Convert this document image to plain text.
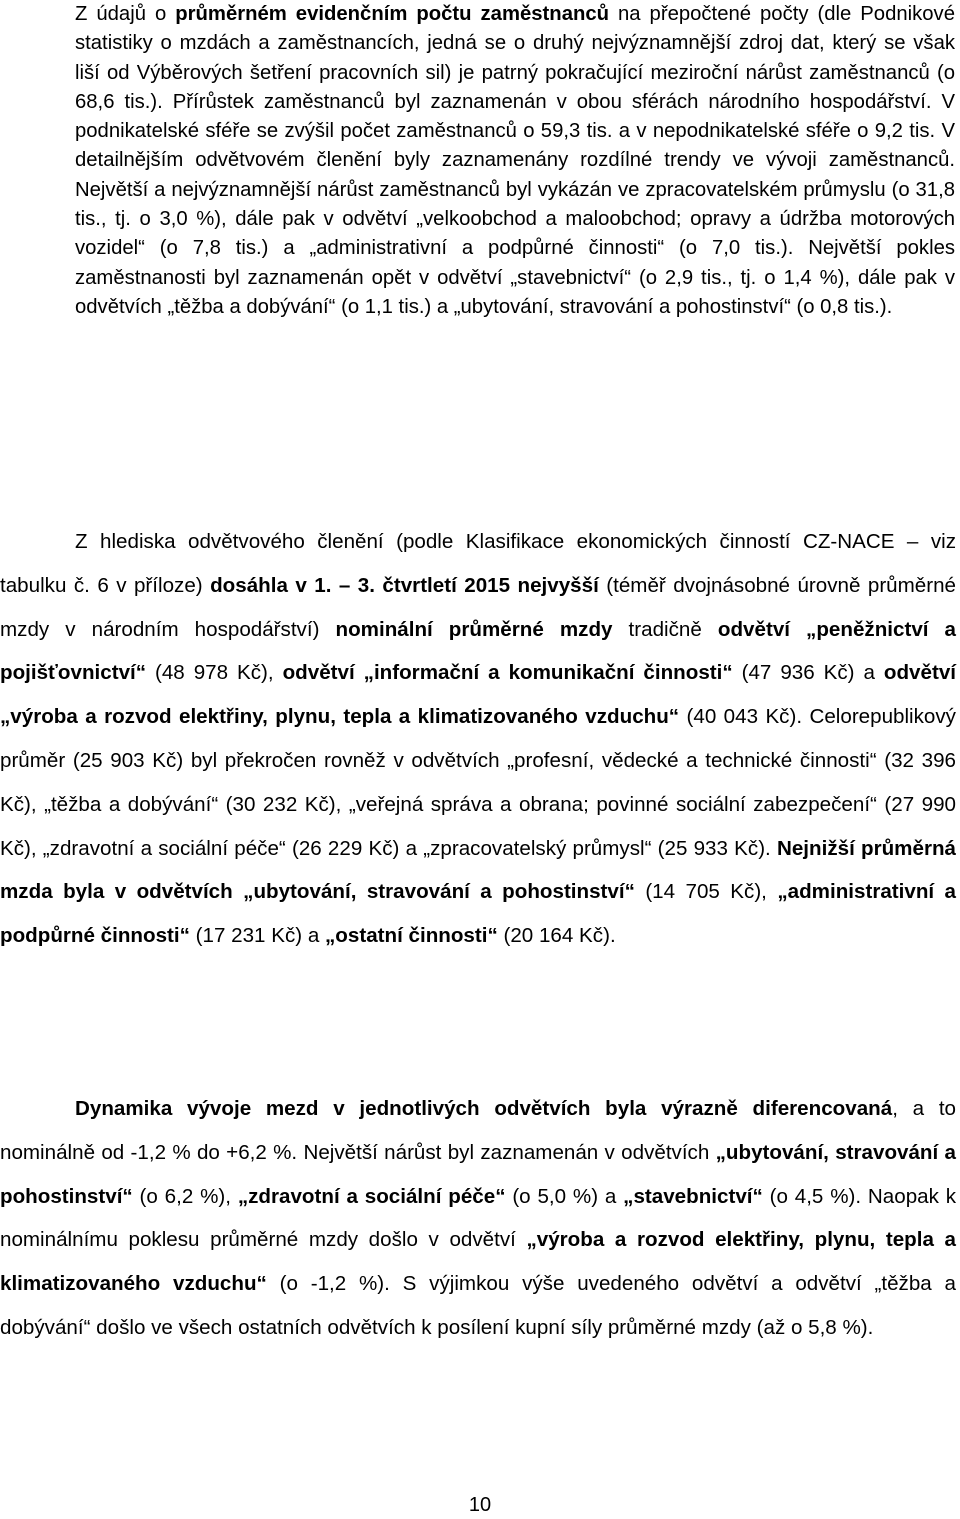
Z údajů o průměrném evidenčním počtu zaměstnanců na přepočtené počty (dle Podnikové statistiky o mzdách a zaměstnancích, jedná se o druhý nejvýznamnější zdroj dat, který se však liší od Výběrových šetření pracovních sil) je patrný pokračující meziroční nárůst zaměstnanců (o 68,6 tis.). Přírůstek zaměstnanců byl zaznamenán v obou sférách národního hospodářství. V podnikatelské sféře se zvýšil počet zaměstnanců o 59,3 tis. a v nepodnikatelské sféře o 9,2 tis. V detailnějším odvětvovém členění byly zaznamenány rozdílné trendy ve vývoji zaměstnanců. Největší a nejvýznamnější nárůst zaměstnanců byl vykázán ve zpracovatelském průmyslu (o 31,8 tis., tj. o 3,0 %), dále pak v odvětví „velkoobchod a maloobchod; opravy a údržba motorových vozidel“ (o 7,8 tis.) a „administrativní a podpůrné činnosti“ (o 7,0 tis.). Největší pokles zaměstnanosti byl zaznamenán opět v odvětví „stavebnictví“ (o 2,9 tis., tj. o 1,4 %), dále pak v odvětvích „těžba a dobývání“ (o 1,1 tis.) a „ubytování, stravování a pohostinství“ (o 0,8 tis.).
Z hlediska odvětvového členění (podle Klasifikace ekonomických činností CZ-NACE – viz tabulku č. 6 v příloze) dosáhla v 1. – 3. čtvrtletí 2015 nejvyšší (téměř dvojnásobné úrovně průměrné mzdy v národním hospodářství) nominální průměrné mzdy tradičně odvětví „peněžnictví a pojišťovnictví“ (48 978 Kč), odvětví „informační a komunikační činnosti“ (47 936 Kč) a odvětví „výroba a rozvod elektřiny, plynu, tepla a klimatizovaného vzduchu“ (40 043 Kč). Celorepublikový průměr (25 903 Kč) byl překročen rovněž v odvětvích „profesní, vědecké a technické činnosti“ (32 396 Kč), „těžba a dobývání“ (30 232 Kč), „veřejná správa a obrana; povinné sociální zabezpečení“ (27 990 Kč), „zdravotní a sociální péče“ (26 229 Kč) a „zpracovatelský průmysl“ (25 933 Kč). Nejnižší průměrná mzda byla v odvětvích „ubytování, stravování a pohostinství“ (14 705 Kč), „administrativní a podpůrné činnosti“ (17 231 Kč) a „ostatní činnosti“ (20 164 Kč).
Dynamika vývoje mezd v jednotlivých odvětvích byla výrazně diferencovaná, a to nominálně od -1,2 % do +6,2 %. Největší nárůst byl zaznamenán v odvětvích „ubytování, stravování a pohostinství“ (o 6,2 %), „zdravotní a sociální péče“ (o 5,0 %) a „stavebnictví“ (o 4,5 %). Naopak k nominálnímu poklesu průměrné mzdy došlo v odvětví „výroba a rozvod elektřiny, plynu, tepla a klimatizovaného vzduchu“ (o -1,2 %). S výjimkou výše uvedeného odvětví a odvětví „těžba a dobývání“ došlo ve všech ostatních odvětvích k posílení kupní síly průměrné mzdy (až o 5,8 %).
10
